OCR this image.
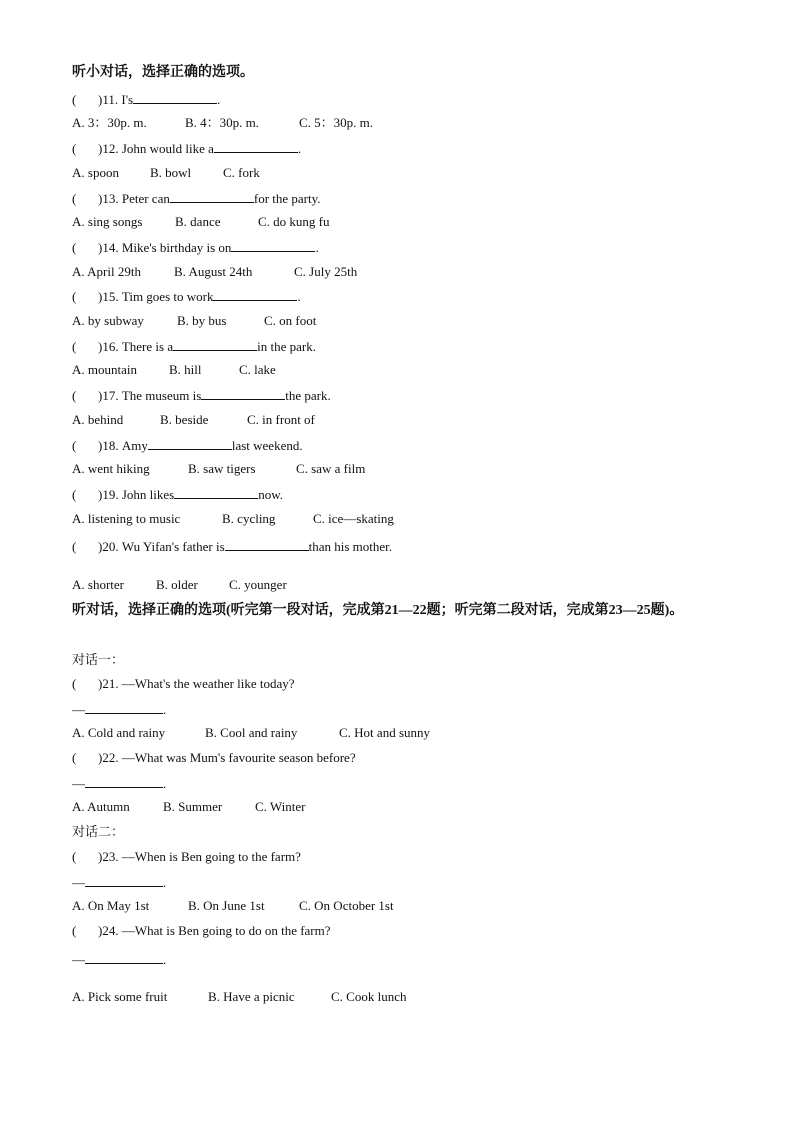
听小对话，选择正确的选项。
(	) 11.
I's	.
A. 3：30p. m.	B. 4：30p. m.	C. 5：30p. m.
(	) 12.
John would like a	.
A. spoon B. bowl C. fork
(	) 13.
Peter can	for the party.
A. sing songs	B. dance	C. do kung fu
(	) 14.
Mike's birthday is on	.
A. April 29th	B. August 24th	C. July 25th
(	) 15.
Tim goes to work	.
A. by subway	B. by bus	C. on foot
(	) 16.
There is a	in the park.
A. mountain B. hill	C. lake
(	) 17.
The museum is	the park.
A. behind	B. beside	C. in front of
(	) 18.
Amy	last weekend.
A. went hiking	B. saw tigers	C. saw a film
(	) 19.
John likes	now.
A. listening to music	B. cycling	C. ice—skating
(	) 20.
Wu Yifan's father is	than his mother.
A. shorter B. older C. younger
听对话，选择正确的选项(听完第一段对话，完成第21—22题；听完第二段对话，完成第23—25题)。
对话一：
(	) 21.
—What's the weather like today?
—	.
A. Cold and rainy	B. Cool and rainy	C. Hot and sunny
(	) 22.
—What was Mum's favourite season before?
—	.
A. Autumn	B. Summer	C. Winter
对话二：
(	) 23.
—When is Ben going to the farm?
—	.
A. On May 1st	B. On June 1st	C. On October 1st
(	) 24.
—What is Ben going to do on the farm?
—	.
A. Pick some fruit	B. Have a picnic	C. Cook lunch
